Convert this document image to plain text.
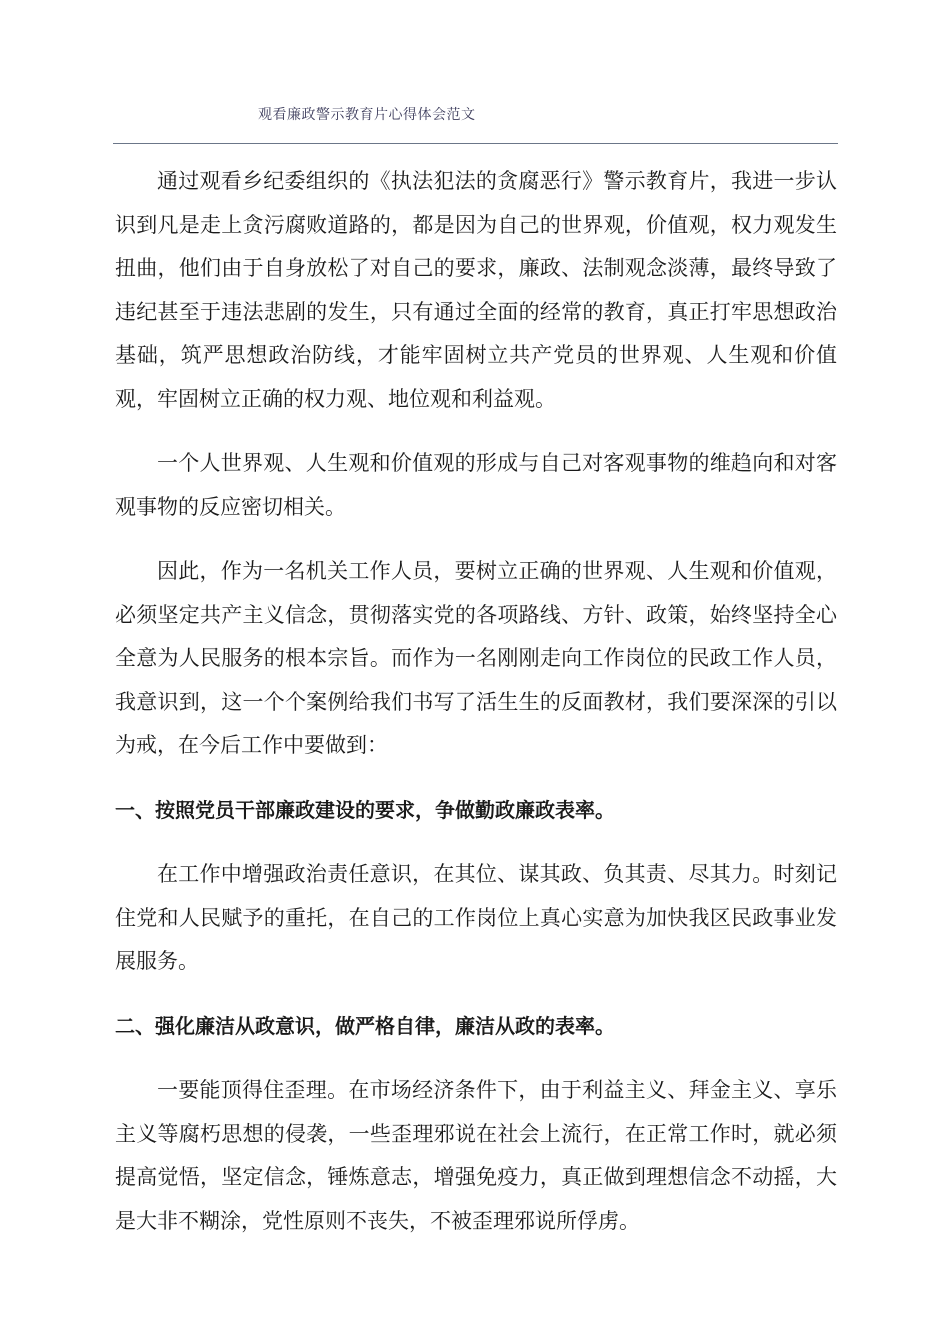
观看廉政警示教育片心得体会范文

通过观看乡纪委组织的《执法犯法的贪腐恶行》警示教育片，我进一步认识到凡是走上贪污腐败道路的，都是因为自己的世界观，价值观，权力观发生扭曲，他们由于自身放松了对自己的要求，廉政、法制观念淡薄，最终导致了违纪甚至于违法悲剧的发生，只有通过全面的经常的教育，真正打牢思想政治基础，筑严思想政治防线，才能牢固树立共产党员的世界观、人生观和价值观，牢固树立正确的权力观、地位观和利益观。

一个人世界观、人生观和价值观的形成与自己对客观事物的维趋向和对客观事物的反应密切相关。

因此，作为一名机关工作人员，要树立正确的世界观、人生观和价值观，必须坚定共产主义信念，贯彻落实党的各项路线、方针、政策，始终坚持全心全意为人民服务的根本宗旨。而作为一名刚刚走向工作岗位的民政工作人员，我意识到，这一个个案例给我们书写了活生生的反面教材，我们要深深的引以为戒，在今后工作中要做到：

一、按照党员干部廉政建设的要求，争做勤政廉政表率。

在工作中增强政治责任意识，在其位、谋其政、负其责、尽其力。时刻记住党和人民赋予的重托，在自己的工作岗位上真心实意为加快我区民政事业发展服务。

二、强化廉洁从政意识，做严格自律，廉洁从政的表率。

一要能顶得住歪理。在市场经济条件下，由于利益主义、拜金主义、享乐主义等腐朽思想的侵袭，一些歪理邪说在社会上流行，在正常工作时，就必须提高觉悟，坚定信念，锤炼意志，增强免疫力，真正做到理想信念不动摇，大是大非不糊涂，党性原则不丧失，不被歪理邪说所俘虏。
